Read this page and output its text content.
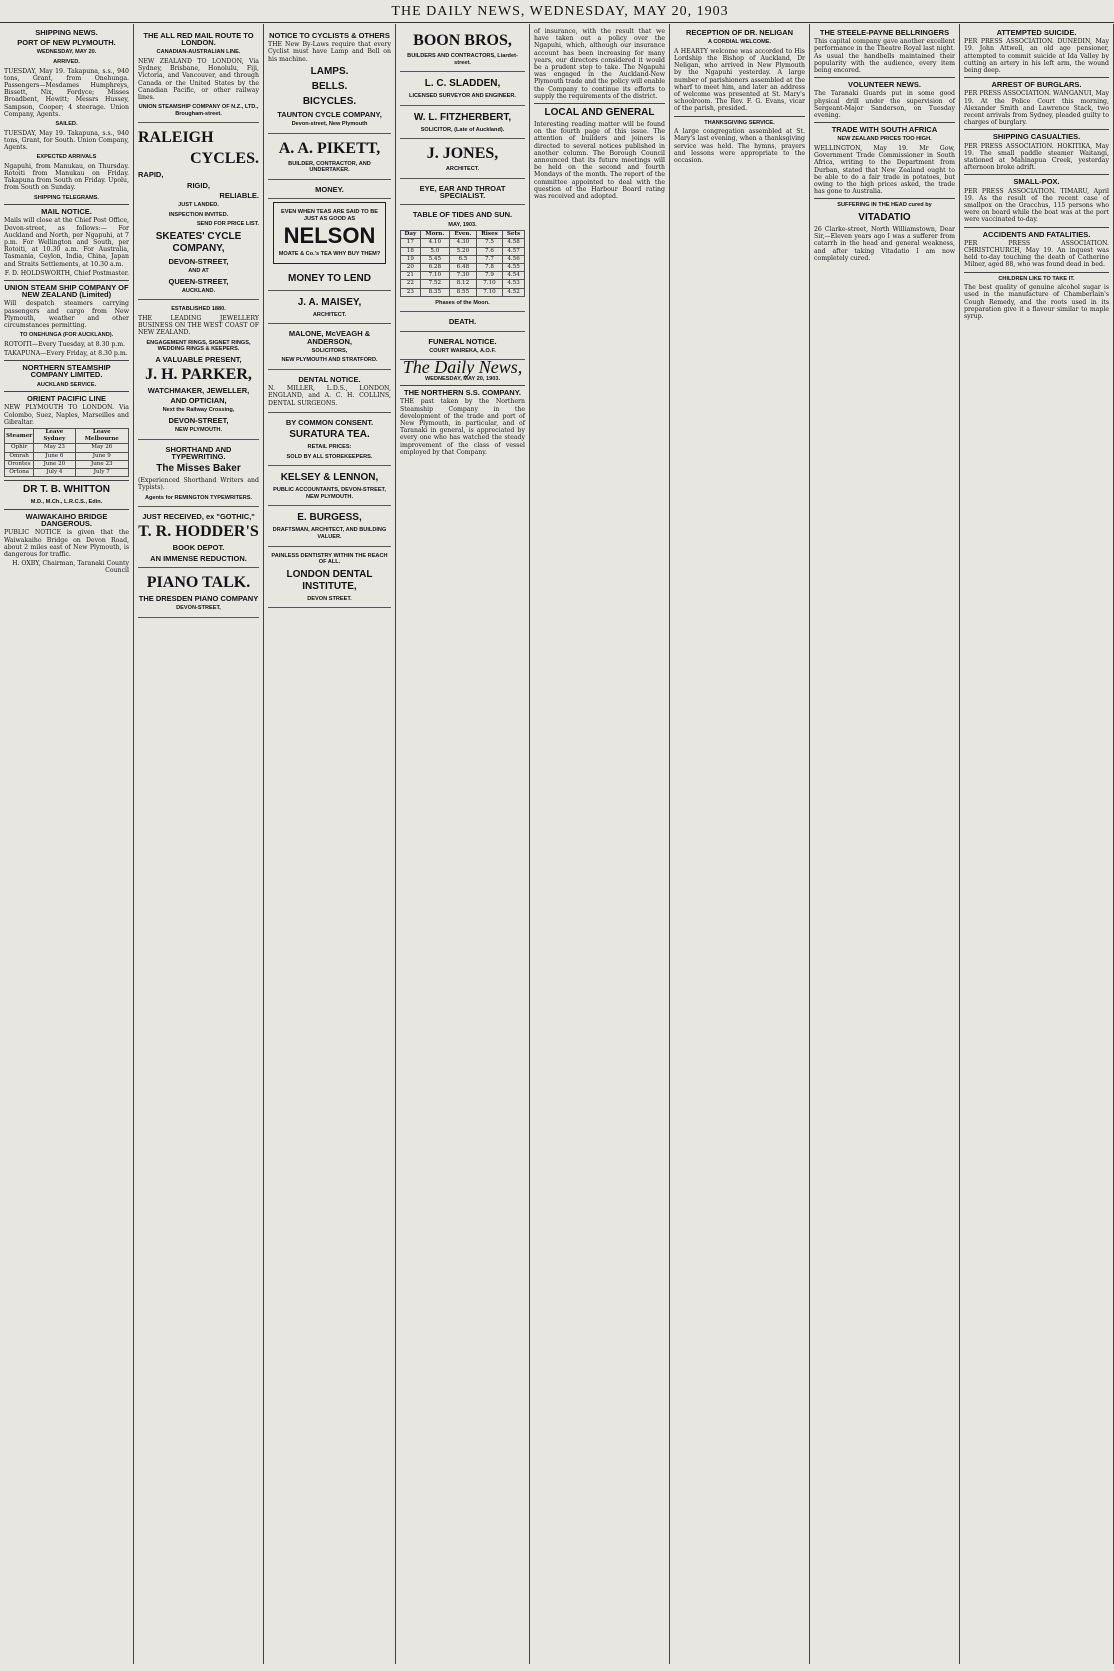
THE DAILY NEWS, WEDNESDAY, MAY 20, 1903
SHIPPING NEWS.
PORT OF NEW PLYMOUTH.
WEDNESDAY, MAY 20.
ARRIVED.
TUESDAY, May 19. Takapuna, s.s., 940 tons, Grant, from Onehunga. Passengers—Mesdames Humphreys, Bissett, Nix, Fordyce; Misses Broadbent, Hewitt; Messrs Hussey, Sampson, Cooper; 4 steerage. Union Company, Agents.
SAILED.
TUESDAY, May 19. Takapuna, s.s., 940 tons, Grant, for South. Union Company, Agents.
EXPECTED ARRIVALS
Ngapuhi, from Manukau, on Thursday. Rotoiti from Manukau on Friday. Takapuna from South on Friday. Upolu, from South on Sunday.
SHIPPING TELEGRAMS.
MAIL NOTICE.
Mails will close at the Chief Post Office, Devon-street, as follows:— For Auckland and North, per Ngapuhi, at 7 p.m. For Wellington and South, per Rotoiti, at 10.30 a.m. For Australia, Tasmania, Ceylon, India, China, Japan and Straits Settlements, at 10.30 a.m.
F. D. HOLDSWORTH, Chief Postmaster.
UNION STEAM SHIP COMPANY OF NEW ZEALAND (Limited)
Will despatch steamers carrying passengers and cargo from New Plymouth, weather and other circumstances permitting.
TO ONEHUNGA (FOR AUCKLAND).
ROTOITI—Every Tuesday, at 8.30 p.m.
TAKAPUNA—Every Friday, at 8.30 p.m.
NORTHERN STEAMSHIP COMPANY LIMITED.
AUCKLAND SERVICE.
ORIENT PACIFIC LINE
NEW PLYMOUTH TO LONDON. Via Colombo, Suez, Naples, Marseilles and Gibraltar.
Steamer	Leave Sydney	Leave Melbourne
Ophir	May 23	May 26
Omrah	June 6	June 9
Orontes	June 20	June 23
Ortona	July 4	July 7
DR T. B. WHITTON
M.D., M.Ch., L.R.C.S., Edin.
WAIWAKAIHO BRIDGE DANGEROUS.
PUBLIC NOTICE is given that the Waiwakaiho Bridge on Devon Road, about 2 miles east of New Plymouth, is dangerous for traffic.
H. OXBY, Chairman, Taranaki County Council
THE ALL RED MAIL ROUTE TO LONDON.
CANADIAN-AUSTRALIAN LINE.
NEW ZEALAND TO LONDON, Via Sydney, Brisbane, Honolulu, Fiji, Victoria, and Vancouver, and through Canada or the United States by the Canadian Pacific, or other railway lines.
UNION STEAMSHIP COMPANY OF N.Z., LTD., Brougham-street.
RALEIGH
CYCLES.
RAPID,
RIGID,
RELIABLE.
JUST LANDED.
INSPECTION INVITED.
SEND FOR PRICE LIST.
SKEATES' CYCLE COMPANY,
DEVON-STREET,
AND AT
QUEEN-STREET,
AUCKLAND.
ESTABLISHED 1880.
THE LEADING JEWELLERY BUSINESS ON THE WEST COAST OF NEW ZEALAND.
ENGAGEMENT RINGS, SIGNET RINGS, WEDDING RINGS & KEEPERS.
A VALUABLE PRESENT,
J. H. PARKER,
WATCHMAKER, JEWELLER,
AND OPTICIAN,
Next the Railway Crossing,
DEVON-STREET,
NEW PLYMOUTH.
SHORTHAND AND TYPEWRITING.
The Misses Baker
(Experienced Shorthand Writers and Typists).
Agents for REMINGTON TYPEWRITERS.
JUST RECEIVED, ex "GOTHIC,"
T. R. HODDER'S
BOOK DEPOT.
AN IMMENSE REDUCTION.
PIANO TALK.
THE DRESDEN PIANO COMPANY
DEVON-STREET,
NOTICE TO CYCLISTS & OTHERS
THE New By-Laws require that every Cyclist must have Lamp and Bell on his machine.
LAMPS.
BELLS.
BICYCLES.
TAUNTON CYCLE COMPANY,
Devon-street, New Plymouth
A. A. PIKETT,
BUILDER, CONTRACTOR, AND UNDERTAKER.
MONEY.
EVEN WHEN TEAS ARE SAID TO BE JUST AS GOOD AS
NELSON
MOATE & Co.'s TEA WHY BUY THEM?
MONEY TO LEND
J. A. MAISEY,
ARCHITECT.
MALONE, McVEAGH & ANDERSON,
SOLICITORS,
NEW PLYMOUTH AND STRATFORD.
DENTAL NOTICE.
N. MILLER, L.D.S., LONDON, ENGLAND, and A. C. H. COLLINS, DENTAL SURGEONS.
BY COMMON CONSENT.
SURATURA TEA.
RETAIL PRICES:
SOLD BY ALL STOREKEEPERS.
KELSEY & LENNON,
PUBLIC ACCOUNTANTS, DEVON-STREET, NEW PLYMOUTH.
E. BURGESS,
DRAFTSMAN, ARCHITECT, AND BUILDING VALUER.
PAINLESS DENTISTRY WITHIN THE REACH OF ALL.
LONDON DENTAL INSTITUTE,
DEVON STREET.
BOON BROS,
BUILDERS AND CONTRACTORS, Liardet-street.
L. C. SLADDEN,
LICENSED SURVEYOR AND ENGINEER.
W. L. FITZHERBERT,
SOLICITOR, (Late of Auckland).
J. JONES,
ARCHITECT.
EYE, EAR AND THROAT SPECIALIST.
TABLE OF TIDES AND SUN.
MAY, 1903.
Day	Morn.	Even.	Rises	Sets
17	4.10	4.30	7.5	4.58
18	5.0	5.20	7.6	4.57
19	5.45	6.5	7.7	4.56
20	6.28	6.48	7.8	4.55
21	7.10	7.30	7.9	4.54
22	7.52	8.12	7.10	4.53
23	8.35	8.55	7.10	4.52
Phases of the Moon.
DEATH.
FUNERAL NOTICE.
COURT WAIREKA, A.O.F.
The Daily News,
WEDNESDAY, MAY 20, 1903.
THE NORTHERN S.S. COMPANY.
THE past taken by the Northern Steamship Company in the development of the trade and port of New Plymouth, in particular, and of Taranaki in general, is appreciated by every one who has watched the steady improvement of the class of vessel employed by that Company.
of insurance, with the result that we have taken out a policy over the Ngapuhi, which, although our insurance account has been increasing for many years, our directors considered it would be a prudent step to take. The Ngapuhi was engaged in the Auckland-New Plymouth trade and the policy will enable the Company to continue its efforts to supply the requirements of the district.
LOCAL AND GENERAL
Interesting reading matter will be found on the fourth page of this issue. The attention of builders and joiners is directed to several notices published in another column. The Borough Council announced that its future meetings will be held on the second and fourth Mondays of the month. The report of the committee appointed to deal with the question of the Harbour Board rating was received and adopted.
RECEPTION OF DR. NELIGAN
A CORDIAL WELCOME.
A HEARTY welcome was accorded to His Lordship the Bishop of Auckland, Dr Neligan, who arrived in New Plymouth by the Ngapuhi yesterday. A large number of parishioners assembled at the wharf to meet him, and later an address of welcome was presented at St. Mary's schoolroom. The Rev. F. G. Evans, vicar of the parish, presided.
THANKSGIVING SERVICE.
A large congregation assembled at St. Mary's last evening, when a thanksgiving service was held. The hymns, prayers and lessons were appropriate to the occasion.
THE STEELE-PAYNE BELLRINGERS
This capital company gave another excellent performance in the Theatre Royal last night. As usual the handbells maintained their popularity with the audience, every item being encored.
VOLUNTEER NEWS.
The Taranaki Guards put in some good physical drill under the supervision of Sergeant-Major Sanderson, on Tuesday evening.
TRADE WITH SOUTH AFRICA
NEW ZEALAND PRICES TOO HIGH.
WELLINGTON, May 19. Mr Gow, Government Trade Commissioner in South Africa, writing to the Department from Durban, stated that New Zealand ought to be able to do a fair trade in potatoes, but owing to the high prices asked, the trade has gone to Australia.
SUFFERING IN THE HEAD cured by
VITADATIO
26 Clarke-street, North Williamstown, Dear Sir,—Eleven years ago I was a sufferer from catarrh in the head and general weakness, and after taking Vitadatio I am now completely cured.
ATTEMPTED SUICIDE.
PER PRESS ASSOCIATION. DUNEDIN, May 19. John Attwell, an old age pensioner, attempted to commit suicide at Ida Valley by cutting an artery in his left arm, the wound being deep.
ARREST OF BURGLARS.
PER PRESS ASSOCIATION. WANGANUI, May 19. At the Police Court this morning, Alexander Smith and Lawrence Stack, two recent arrivals from Sydney, pleaded guilty to charges of burglary.
SHIPPING CASUALTIES.
PER PRESS ASSOCIATION. HOKITIKA, May 19. The small paddle steamer Waitangi, stationed at Mahinapua Creek, yesterday afternoon broke adrift.
SMALL-POX.
PER PRESS ASSOCIATION. TIMARU, April 19. As the result of the recent case of smallpox on the Gracchus, 115 persons who were on board while the boat was at the port were vaccinated to-day.
ACCIDENTS AND FATALITIES.
PER PRESS ASSOCIATION. CHRISTCHURCH, May 19. An inquest was held to-day touching the death of Catherine Milner, aged 88, who was found dead in bed.
CHILDREN LIKE TO TAKE IT.
The best quality of genuine alcohol sugar is used in the manufacture of Chamberlain's Cough Remedy, and the roots used in its preparation give it a flavour similar to maple syrup.
